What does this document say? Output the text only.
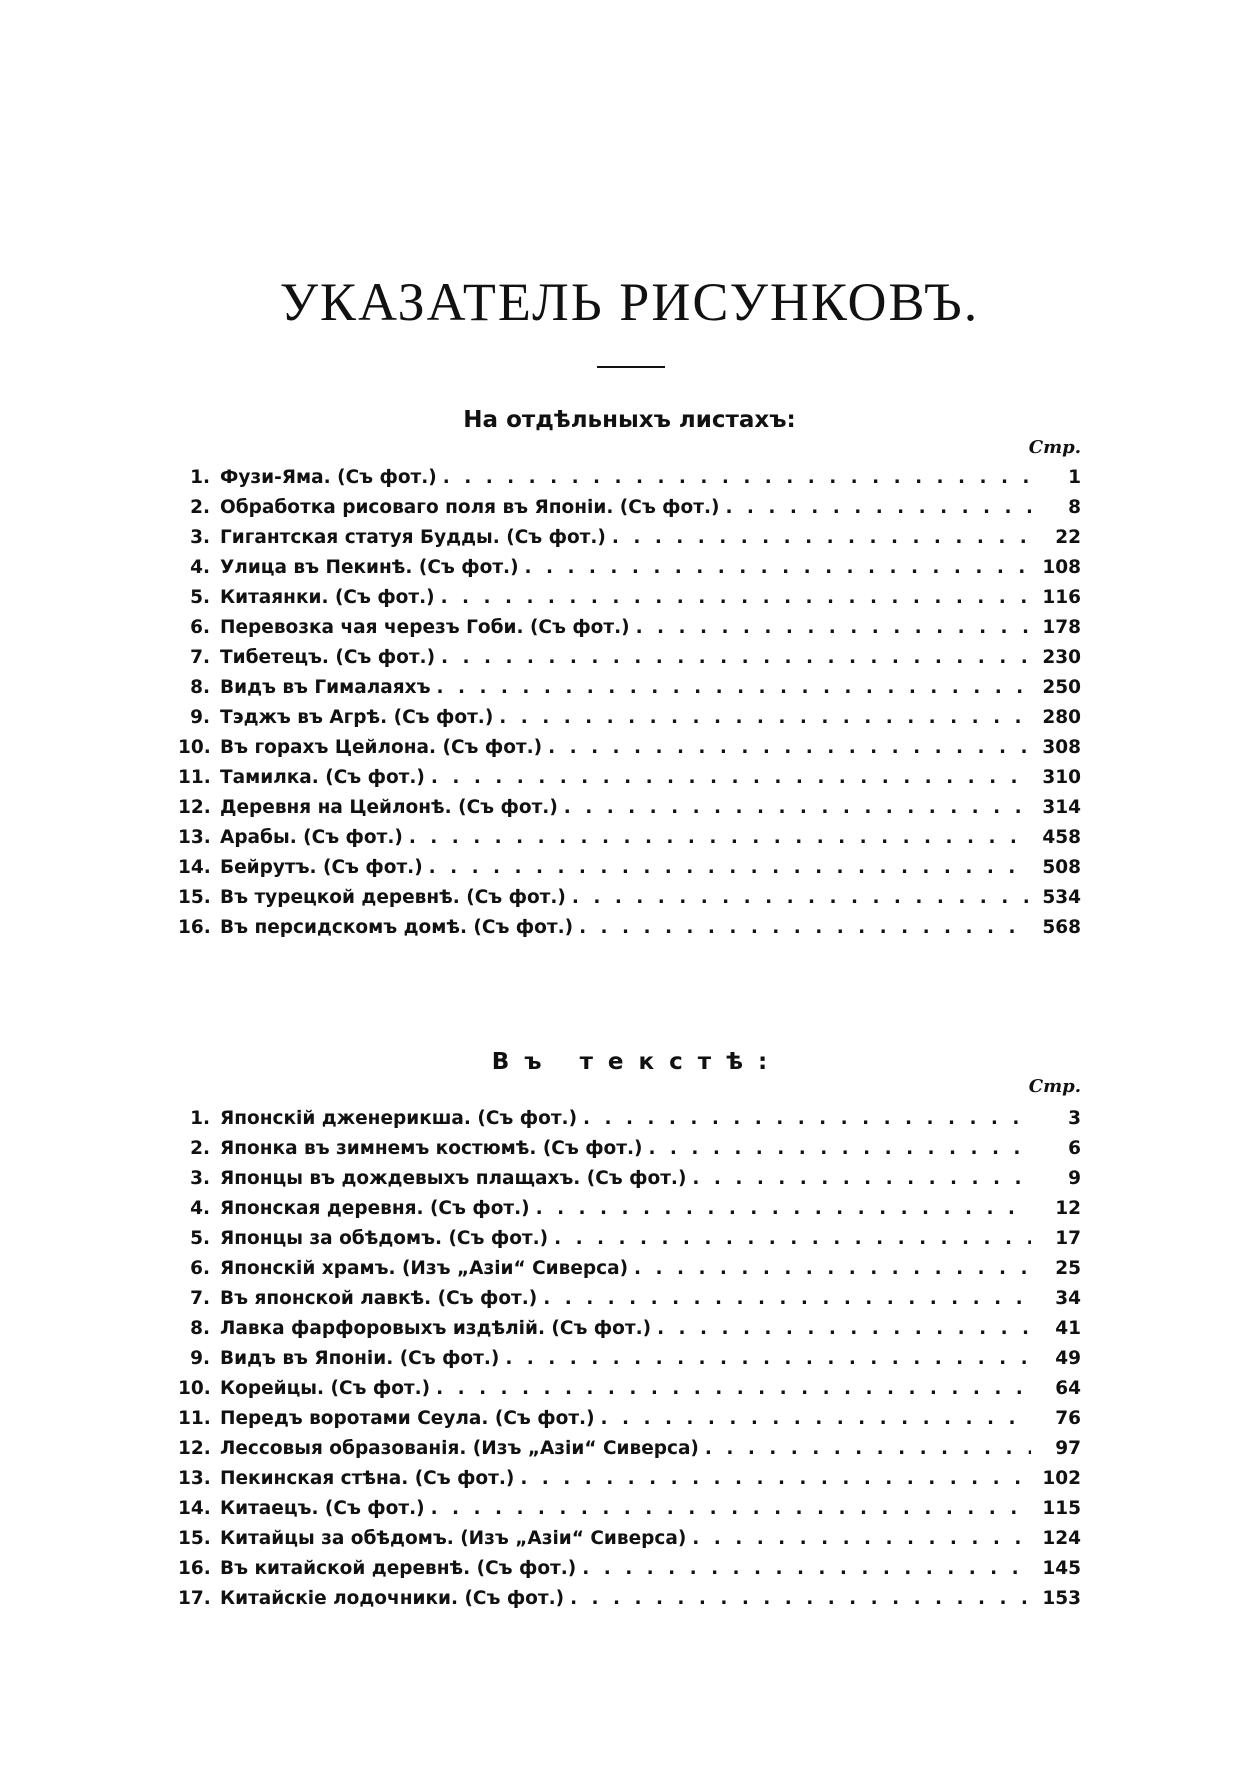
УКАЗАТЕЛЬ РИСУНКОВЪ.
На отдѣльныхъ листахъ:
Стр.
1. Фузи-Яма. (Съ фот.) . . .	1
2. Обработка рисоваго поля въ Японіи. (Съ фот.) . . .	8
3. Гигантская статуя Будды. (Съ фот.) . . .	22
4. Улица въ Пекинѣ. (Съ фот.) . . .	108
5. Китаянки. (Съ фот.) . . .	116
6. Перевозка чая черезъ Гоби. (Съ фот.) . . .	178
7. Тибетецъ. (Съ фот.) . . .	230
8. Видъ въ Гималаяхъ . . .	250
9. Тэджъ въ Агрѣ. (Съ фот.) . . .	280
10. Въ горахъ Цейлона. (Съ фот.) . . .	308
11. Тамилка. (Съ фот.) . . .	310
12. Деревня на Цейлонѣ. (Съ фот.) . . .	314
13. Арабы. (Съ фот.) . . .	458
14. Бейрутъ. (Съ фот.) . . .	508
15. Въ турецкой деревнѣ. (Съ фот.) . . .	534
16. Въ персидскомъ домѣ. (Съ фот.) . . .	568
Въ текстѣ:
Стр.
1. Японскій дженерикша. (Съ фот.) . . .	3
2. Японка въ зимнемъ костюмѣ. (Съ фот.) . . .	6
3. Японцы въ дождевыхъ плащахъ. (Съ фот.) . . .	9
4. Японская деревня. (Съ фот.) . . .	12
5. Японцы за обѣдомъ. (Съ фот.) . . .	17
6. Японскій храмъ. (Изъ „Азіи“ Сиверса) . . .	25
7. Въ японской лавкѣ. (Съ фот.) . . .	34
8. Лавка фарфоровыхъ издѣлій. (Съ фот.) . . .	41
9. Видъ въ Японіи. (Съ фот.) . . .	49
10. Корейцы. (Съ фот.) . . .	64
11. Передъ воротами Сеула. (Съ фот.) . . .	76
12. Лессовыя образованія. (Изъ „Азіи“ Сиверса) . . .	97
13. Пекинская стѣна. (Съ фот.) . . .	102
14. Китаецъ. (Съ фот.) . . .	115
15. Китайцы за обѣдомъ. (Изъ „Азіи“ Сиверса) . . .	124
16. Въ китайской деревнѣ. (Съ фот.) . . .	145
17. Китайскіе лодочники. (Съ фот.) . . .	153
